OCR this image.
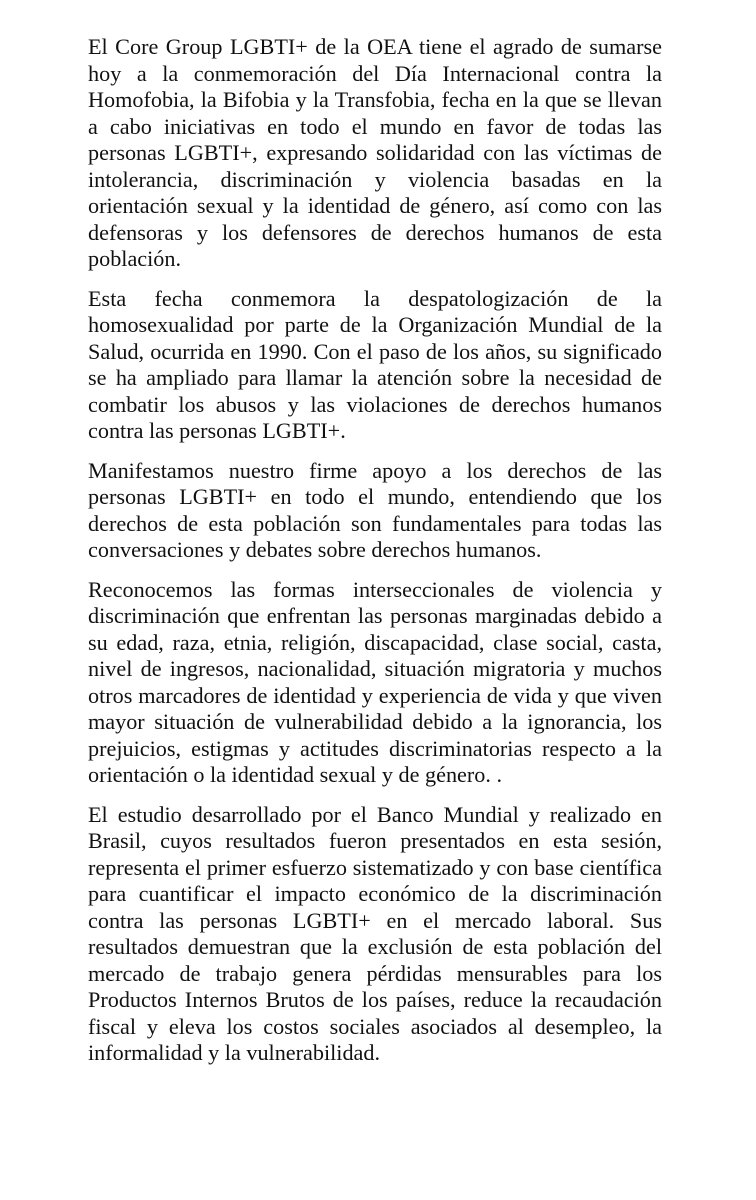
El Core Group LGBTI+ de la OEA tiene el agrado de sumarse hoy a la conmemoración del Día Internacional contra la Homofobia, la Bifobia y la Transfobia, fecha en la que se llevan a cabo iniciativas en todo el mundo en favor de todas las personas LGBTI+, expresando solidaridad con las víctimas de intolerancia, discriminación y violencia basadas en la orientación sexual y la identidad de género, así como con las defensoras y los defensores de derechos humanos de esta población.

Esta fecha conmemora la despatologización de la homosexualidad por parte de la Organización Mundial de la Salud, ocurrida en 1990. Con el paso de los años, su significado se ha ampliado para llamar la atención sobre la necesidad de combatir los abusos y las violaciones de derechos humanos contra las personas LGBTI+.

Manifestamos nuestro firme apoyo a los derechos de las personas LGBTI+ en todo el mundo, entendiendo que los derechos de esta población son fundamentales para todas las conversaciones y debates sobre derechos humanos.

Reconocemos las formas interseccionales de violencia y discriminación que enfrentan las personas marginadas debido a su edad, raza, etnia, religión, discapacidad, clase social, casta, nivel de ingresos, nacionalidad, situación migratoria y muchos otros marcadores de identidad y experiencia de vida y que viven mayor situación de vulnerabilidad debido a la ignorancia, los prejuicios, estigmas y actitudes discriminatorias respecto a la orientación o la identidad sexual y de género. .

El estudio desarrollado por el Banco Mundial y realizado en Brasil, cuyos resultados fueron presentados en esta sesión, representa el primer esfuerzo sistematizado y con base científica para cuantificar el impacto económico de la discriminación contra las personas LGBTI+ en el mercado laboral. Sus resultados demuestran que la exclusión de esta población del mercado de trabajo genera pérdidas mensurables para los Productos Internos Brutos de los países, reduce la recaudación fiscal y eleva los costos sociales asociados al desempleo, la informalidad y la vulnerabilidad.
